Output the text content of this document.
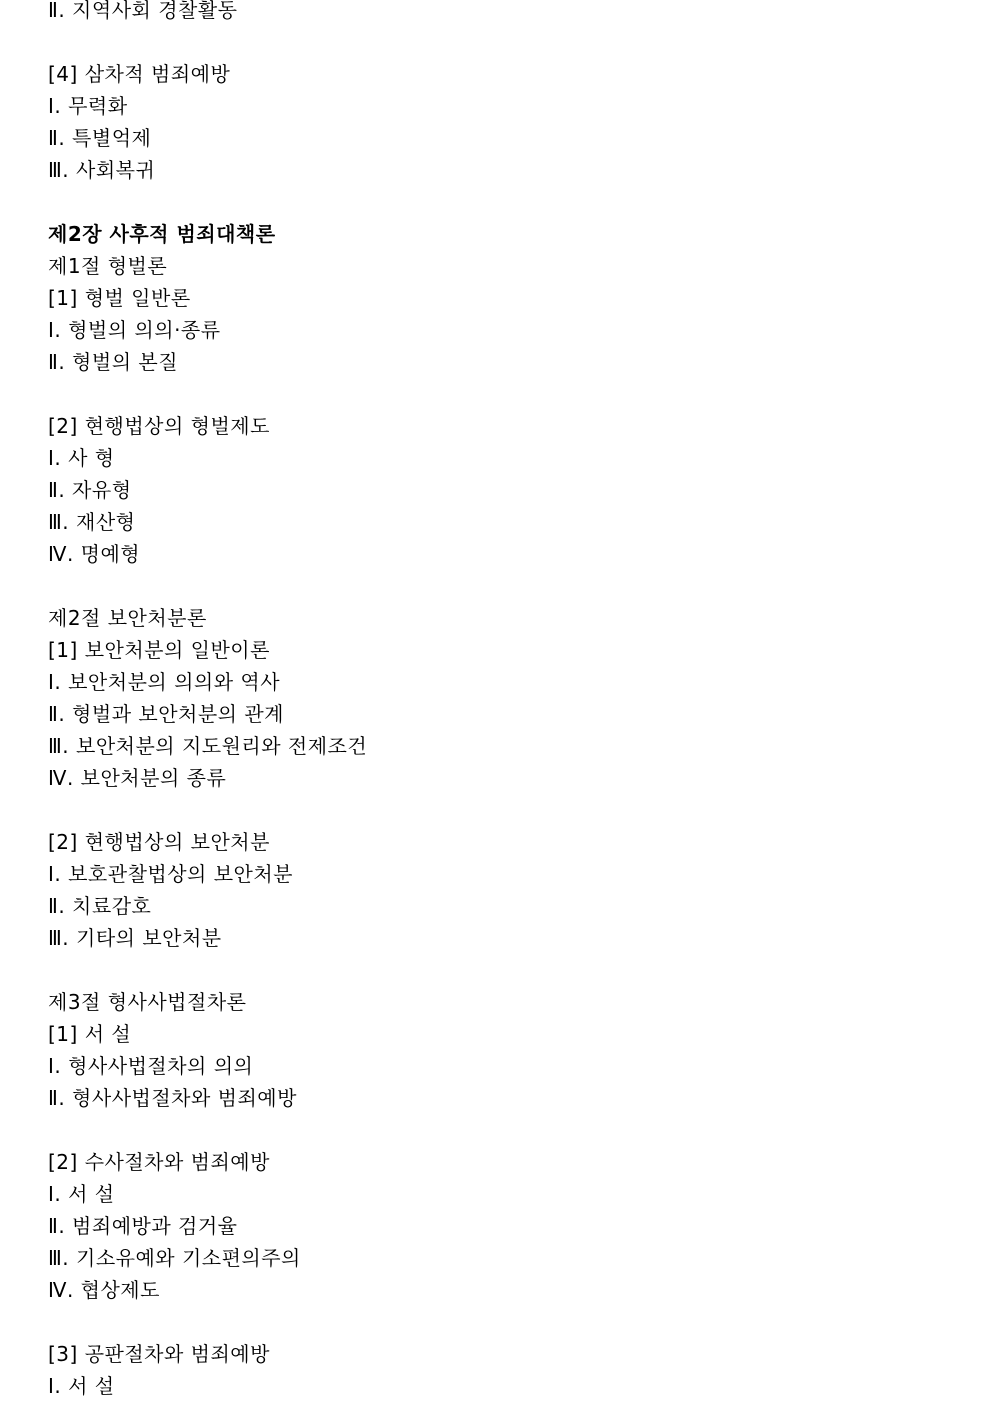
Ⅱ. 지역사회 경찰활동
[4] 삼차적 범죄예방
Ⅰ. 무력화
Ⅱ. 특별억제
Ⅲ. 사회복귀
제2장 사후적 범죄대책론
제1절 형벌론
[1] 형벌 일반론
Ⅰ. 형벌의 의의·종류
Ⅱ. 형벌의 본질
[2] 현행법상의 형벌제도
Ⅰ. 사 형
Ⅱ. 자유형
Ⅲ. 재산형
Ⅳ. 명예형
제2절 보안처분론
[1] 보안처분의 일반이론
Ⅰ. 보안처분의 의의와 역사
Ⅱ. 형벌과 보안처분의 관계
Ⅲ. 보안처분의 지도원리와 전제조건
Ⅳ. 보안처분의 종류
[2] 현행법상의 보안처분
Ⅰ. 보호관찰법상의 보안처분
Ⅱ. 치료감호
Ⅲ. 기타의 보안처분
제3절 형사사법절차론
[1] 서 설
Ⅰ. 형사사법절차의 의의
Ⅱ. 형사사법절차와 범죄예방
[2] 수사절차와 범죄예방
Ⅰ. 서 설
Ⅱ. 범죄예방과 검거율
Ⅲ. 기소유예와 기소편의주의
Ⅳ. 협상제도
[3] 공판절차와 범죄예방
Ⅰ. 서 설
